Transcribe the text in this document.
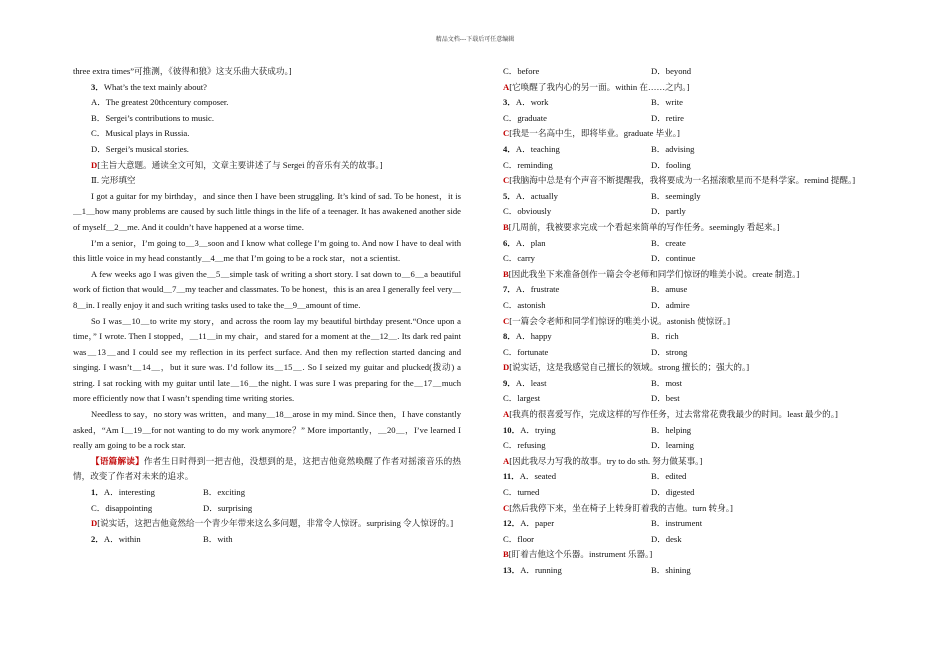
精品文档---下载后可任意编辑
three extra times”可推测，《彼得和狼》这支乐曲大获成功。]
3．What’s the text mainly about?
A．The greatest 20thcentury composer.
B．Sergei’s contributions to music.
C．Musical plays in Russia.
D．Sergei’s musical stories.
D[主旨大意题。通读全文可知，文章主要讲述了与 Sergei 的音乐有关的故事。]
Ⅱ. 完形填空
I got a guitar for my birthday，and since then I have been struggling. It’s kind of sad. To be honest，it is＿1＿how many problems are caused by such little things in the life of a teenager. It has awakened another side of myself＿2＿me. And it couldn’t have happened at a worse time.
I’m a senior，I’m going to＿3＿soon and I know what college I’m going to. And now I have to deal with this little voice in my head constantly＿4＿me that I’m going to be a rock star，not a scientist.
A few weeks ago I was given the＿5＿simple task of writing a short story. I sat down to＿6＿a beautiful work of fiction that would＿7＿my teacher and classmates. To be honest，this is an area I generally feel very＿8＿in. I really enjoy it and such writing tasks used to take the＿9＿amount of time.
So I was＿10＿to write my story，and across the room lay my beautiful birthday present.“Once upon a time，” I wrote. Then I stopped，＿11＿in my chair，and stared for a moment at the＿12＿. Its dark red paint was＿13＿and I could see my reflection in its perfect surface. And then my reflection started dancing and singing. I wasn’t＿14＿，but it sure was. I’d follow its＿15＿. So I seized my guitar and plucked(拨动) a string. I sat rocking with my guitar until late＿16＿the night. I was sure I was preparing for the＿17＿much more efficiently now that I wasn’t spending time writing stories.
Needless to say，no story was written，and many＿18＿arose in my mind. Since then，I have constantly asked，“Am I＿19＿for not wanting to do my work anymore？” More importantly，＿20＿，I’ve learned I really am going to be a rock star.
【语篇解读】作者生日时得到一把吉他，没想到的是，这把吉他竟然唤醒了作者对摇滚音乐的热情，改变了作者对未来的追求。
1．A．interesting	B．exciting
C．disappointing	D．surprising
D[说实话，这把吉他竟然给一个青少年带来这么多问题，非常令人惊讶。surprising 令人惊讶的。]
2．A．within	B．with
C．before	D．beyond
A[它唤醒了我内心的另一面。within 在……之内。]
3．A．work	B．write
C．graduate	D．retire
C[我是一名高中生，即将毕业。graduate 毕业。]
4．A．teaching	B．advising
C．reminding	D．fooling
C[我脑海中总是有个声音不断提醒我，我将要成为一名摇滚歌星而不是科学家。remind 提醒。]
5．A．actually	B．seemingly
C．obviously	D．partly
B[几周前，我被要求完成一个看起来简单的写作任务。seemingly 看起来。]
6．A．plan	B．create
C．carry	D．continue
B[因此我坐下来准备创作一篇会令老师和同学们惊讶的唯美小说。create 制造。]
7．A．frustrate	B．amuse
C．astonish	D．admire
C[一篇会令老师和同学们惊讶的唯美小说。astonish 使惊讶。]
8．A．happy	B．rich
C．fortunate	D．strong
D[说实话，这是我感觉自己擅长的领域。strong 擅长的；强大的。]
9．A．least	B．most
C．largest	D．best
A[我真的很喜爱写作，完成这样的写作任务，过去常常花费我最少的时间。least 最少的。]
10．A．trying	B．helping
C．refusing	D．learning
A[因此我尽力写我的故事。try to do sth. 努力做某事。]
11．A．seated	B．edited
C．turned	D．digested
C[然后我停下来，坐在椅子上转身盯着我的吉他。turn 转身。]
12．A．paper	B．instrument
C．floor	D．desk
B[盯着吉他这个乐器。instrument 乐器。]
13．A．running	B．shining
